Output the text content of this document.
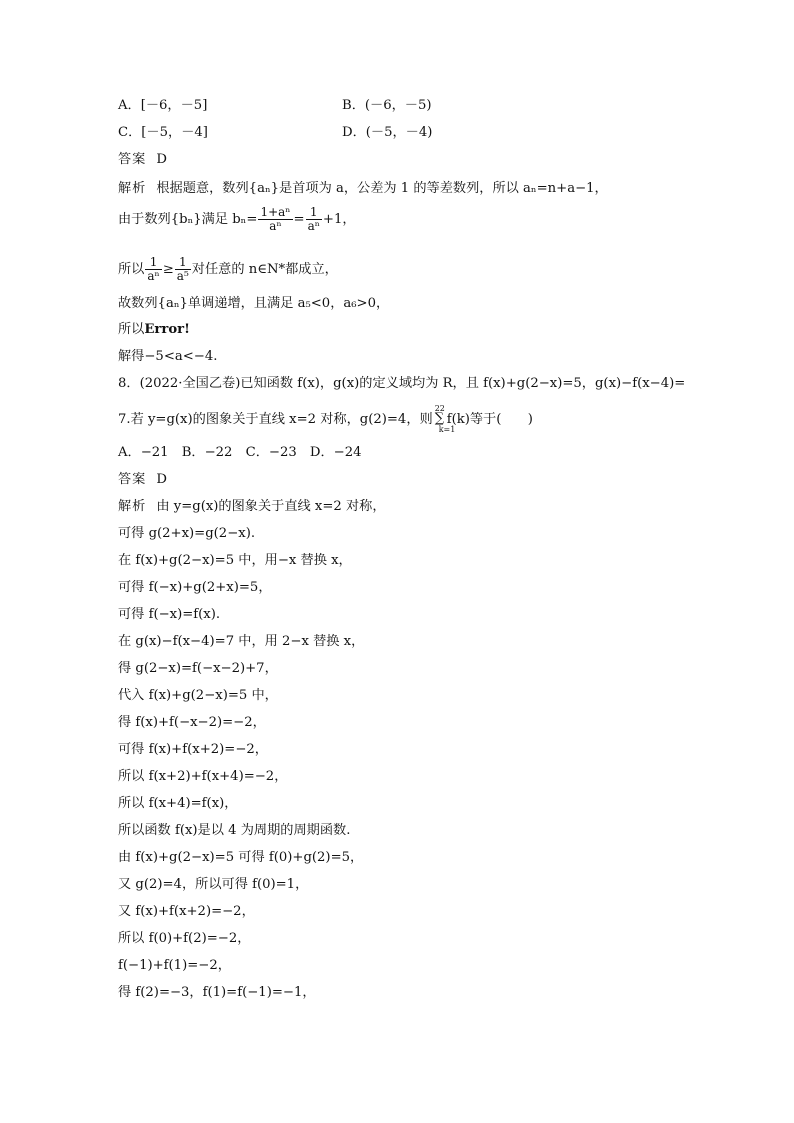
A．[－6，－5]	B．(－6，－5)
C．[－5，－4]	D．(－5，－4)
答案 D
解析 根据题意，数列{aₙ}是首项为 a，公差为 1 的等差数列，所以 aₙ=n+a−1，
由于数列{bₙ}满足 $b_n= \frac{\text{1+aⁿ}}{\text{aⁿ}} = \frac{1}{\text{aⁿ}} +1$，
所以 $\frac{1}{\text{aⁿ}} \ge \frac{1}{\text{a⁵}}$ 对任意的 n∈N*都成立，
故数列{aₙ}单调递增，且满足 a₅<0，a₆>0，
所以Error!
解得−5<a<−4.
8．(2022·全国乙卷)已知函数 f(x)，g(x)的定义域均为 R，且 f(x)+g(2−x)=5，g(x)−f(x−4)=
7.若 y=g(x)的图象关于直线 x=2 对称，g(2)=4，则
22
∑
k=1
f(k)等于(　　)
A．−21　B．−22　C．−23　D．−24
答案 D
解析 由 y=g(x)的图象关于直线 x=2 对称，
可得 g(2+x)=g(2−x).
在 f(x)+g(2−x)=5 中，用−x 替换 x，
可得 f(−x)+g(2+x)=5，
可得 f(−x)=f(x).
在 g(x)−f(x−4)=7 中，用 2−x 替换 x，
得 g(2−x)=f(−x−2)+7，
代入 f(x)+g(2−x)=5 中，
得 f(x)+f(−x−2)=−2，
可得 f(x)+f(x+2)=−2，
所以 f(x+2)+f(x+4)=−2，
所以 f(x+4)=f(x)，
所以函数 f(x)是以 4 为周期的周期函数.
由 f(x)+g(2−x)=5 可得 f(0)+g(2)=5，
又 g(2)=4，所以可得 f(0)=1，
又 f(x)+f(x+2)=−2，
所以 f(0)+f(2)=−2，
f(−1)+f(1)=−2，
得 f(2)=−3，f(1)=f(−1)=−1，
